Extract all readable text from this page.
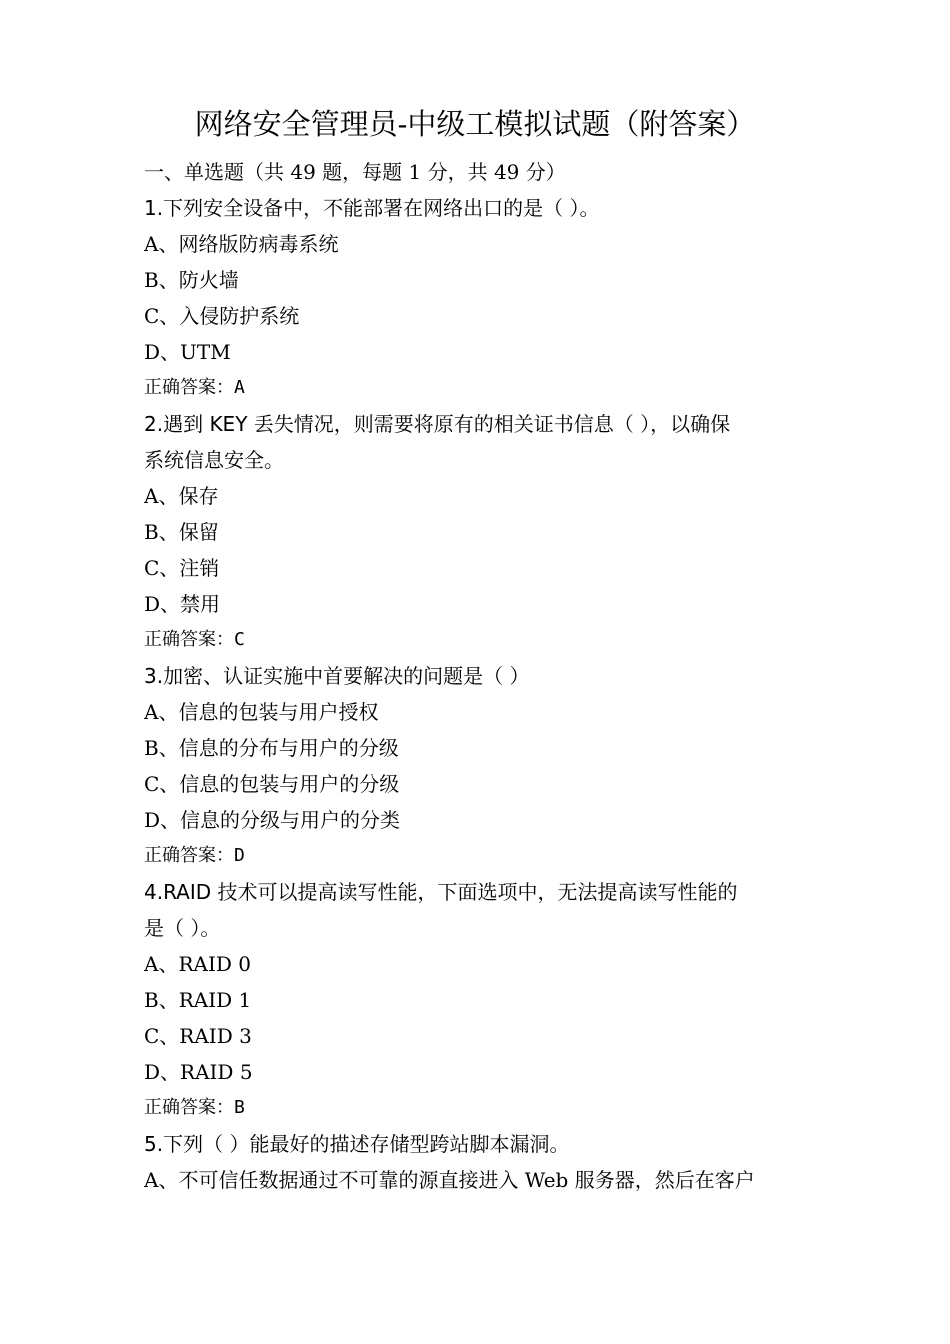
网络安全管理员-中级工模拟试题（附答案）
一、单选题（共 49 题，每题 1 分，共 49 分）
1.下列安全设备中，不能部署在网络出口的是（ ）。
A、网络版防病毒系统
B、防火墙
C、入侵防护系统
D、UTM
正确答案：A
2.遇到 KEY 丢失情况，则需要将原有的相关证书信息（ ），以确保
系统信息安全。
A、保存
B、保留
C、注销
D、禁用
正确答案：C
3.加密、认证实施中首要解决的问题是（ ）
A、信息的包装与用户授权
B、信息的分布与用户的分级
C、信息的包装与用户的分级
D、信息的分级与用户的分类
正确答案：D
4.RAID 技术可以提高读写性能，下面选项中，无法提高读写性能的
是（ ）。
A、RAID 0
B、RAID 1
C、RAID 3
D、RAID 5
正确答案：B
5.下列（ ）能最好的描述存储型跨站脚本漏洞。
A、不可信任数据通过不可靠的源直接进入 Web 服务器，然后在客户
